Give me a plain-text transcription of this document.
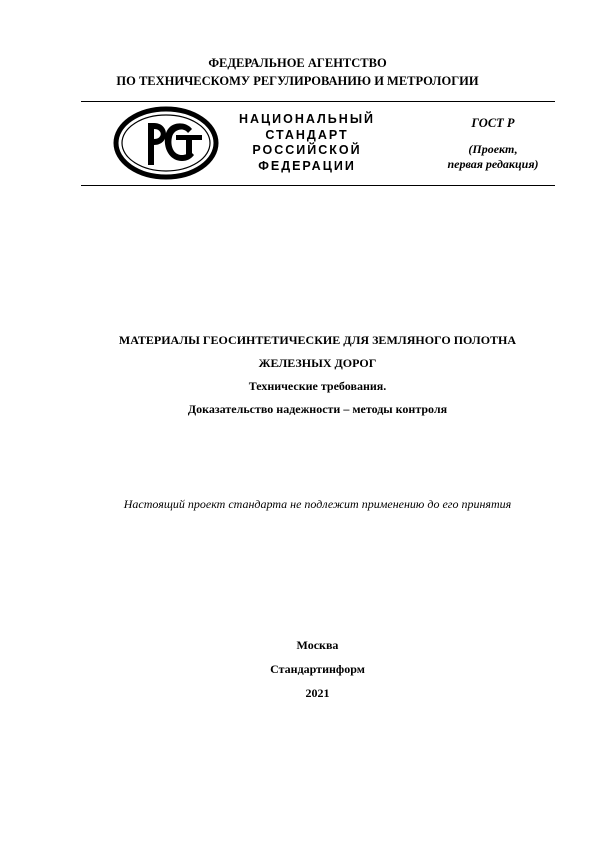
ФЕДЕРАЛЬНОЕ АГЕНТСТВО
ПО ТЕХНИЧЕСКОМУ РЕГУЛИРОВАНИЮ И МЕТРОЛОГИИ
НАЦИОНАЛЬНЫЙ
СТАНДАРТ
РОССИЙСКОЙ
ФЕДЕРАЦИИ
ГОСТ Р
(Проект,
первая редакция)
МАТЕРИАЛЫ ГЕОСИНТЕТИЧЕСКИЕ ДЛЯ ЗЕМЛЯНОГО ПОЛОТНА
ЖЕЛЕЗНЫХ ДОРОГ
Технические требования.
Доказательство надежности – методы контроля
Настоящий проект стандарта не подлежит применению до его принятия
Москва
Стандартинформ
2021
